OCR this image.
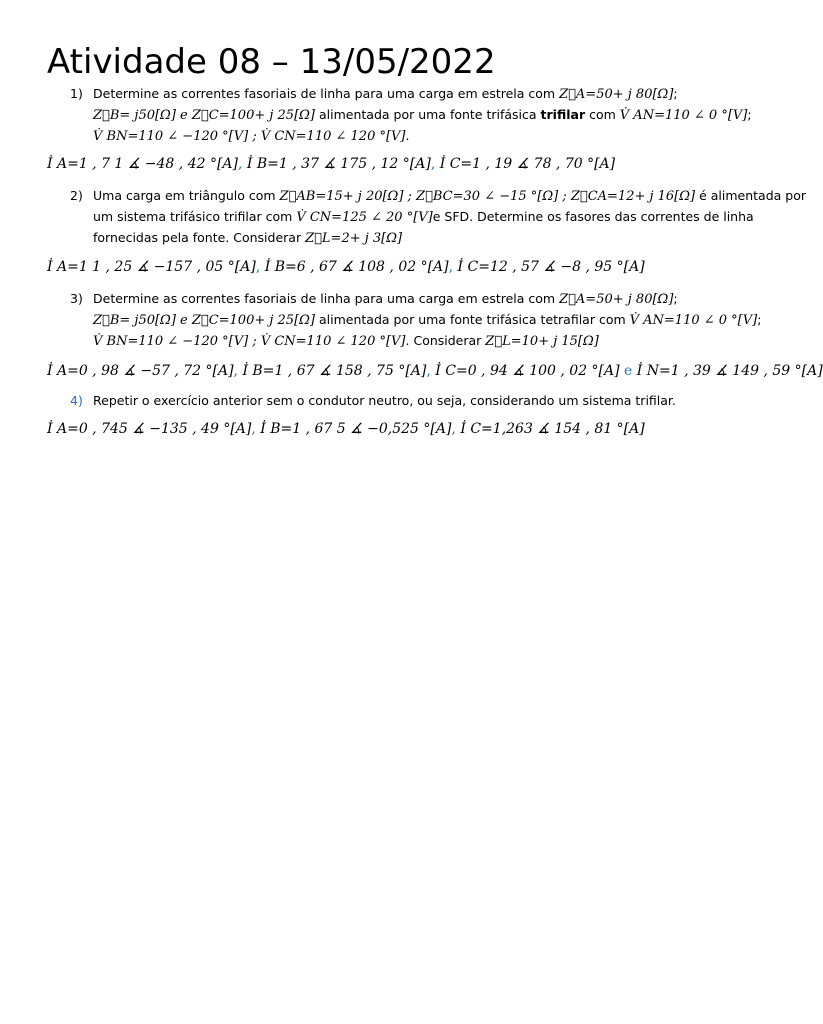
Atividade 08 – 13/05/2022
1) Determine as correntes fasoriais de linha para uma carga em estrela com Z⃗A=50+ j 80[Ω];
Z⃗B= j50[Ω] e Z⃗C=100+ j 25[Ω] alimentada por uma fonte trifásica trifilar com V̇ AN=110 ∠ 0 °[V];
V̇ BN=110 ∠ −120 °[V] ; V̇ CN=110 ∠ 120 °[V].
İ A=1 , 7 1 ∡ −48 , 42 °[A], İ B=1 , 37 ∡ 175 , 12 °[A], İ C=1 , 19 ∡ 78 , 70 °[A]
2) Uma carga em triângulo com Z⃗AB=15+ j 20[Ω] ; Z⃗BC=30 ∠ −15 °[Ω] ; Z⃗CA=12+ j 16[Ω] é alimentada por
um sistema trifásico trifilar com V̇ CN=125 ∠ 20 °[V]e SFD. Determine os fasores das correntes de linha
fornecidas pela fonte. Considerar Z⃗L=2+ j 3[Ω]
İ A=1 1 , 25 ∡ −157 , 05 °[A], İ B=6 , 67 ∡ 108 , 02 °[A], İ C=12 , 57 ∡ −8 , 95 °[A]
3) Determine as correntes fasoriais de linha para uma carga em estrela com Z⃗A=50+ j 80[Ω];
Z⃗B= j50[Ω] e Z⃗C=100+ j 25[Ω] alimentada por uma fonte trifásica tetrafilar com V̇ AN=110 ∠ 0 °[V];
V̇ BN=110 ∠ −120 °[V] ; V̇ CN=110 ∠ 120 °[V]. Considerar Z⃗L=10+ j 15[Ω]
İ A=0 , 98 ∡ −57 , 72 °[A], İ B=1 , 67 ∡ 158 , 75 °[A], İ C=0 , 94 ∡ 100 , 02 °[A] e İ N=1 , 39 ∡ 149 , 59 °[A]
4) Repetir o exercício anterior sem o condutor neutro, ou seja, considerando um sistema trifilar.
İ A=0 , 745 ∡ −135 , 49 °[A], İ B=1 , 67 5 ∡ −0,525 °[A], İ C=1,263 ∡ 154 , 81 °[A]
